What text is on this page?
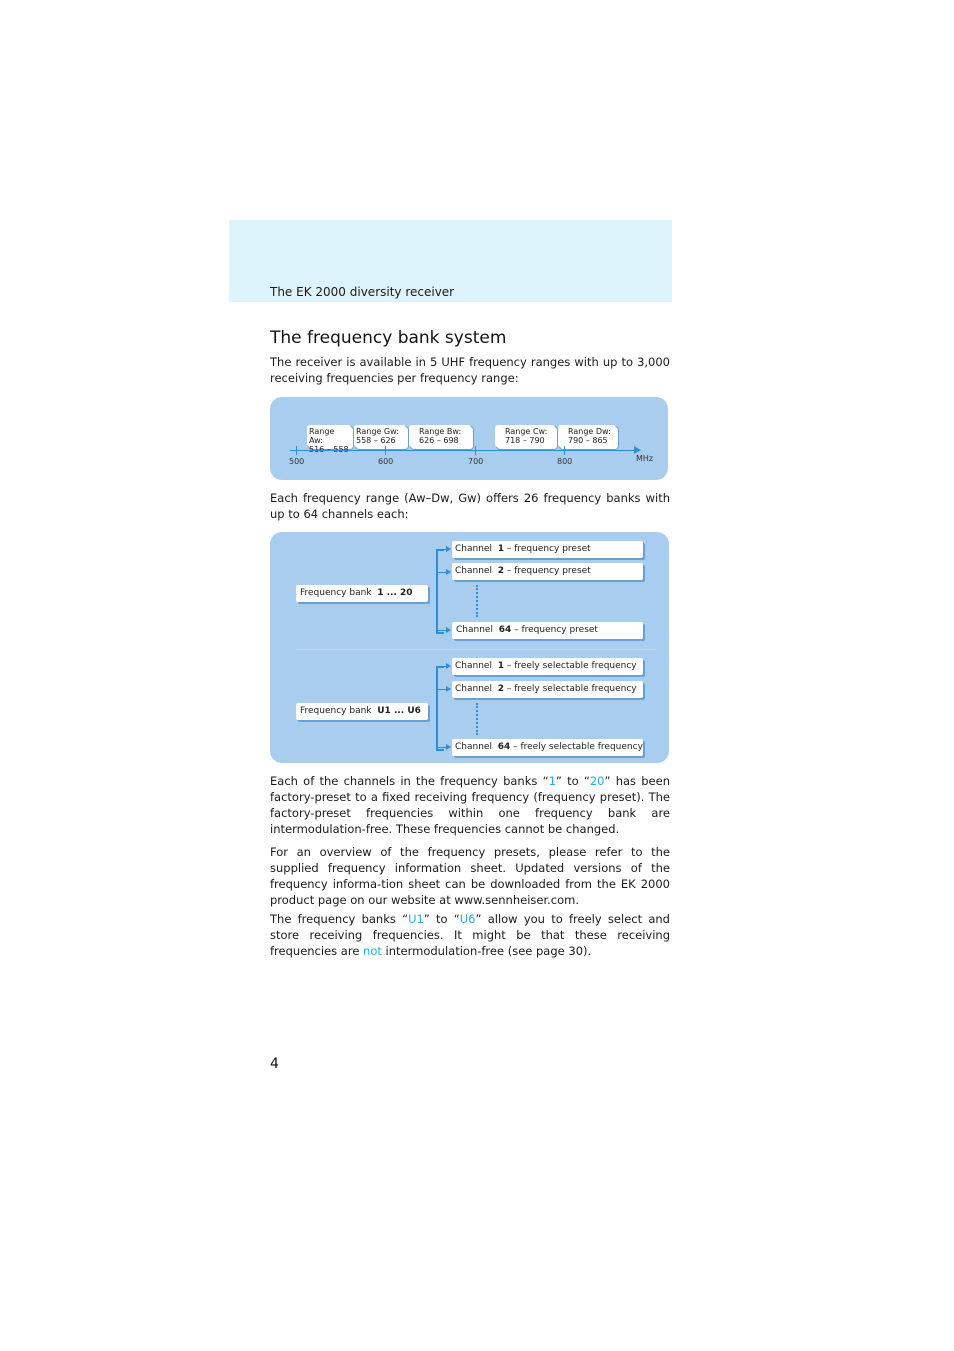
The EK 2000 diversity receiver
The frequency bank system

The receiver is available in 5 UHF frequency ranges with up to 3,000 receiving frequencies per frequency range:

Range Aw:
Range Gw:
558 – 626
Range Bw:
626 – 698
Range Cw:
718 – 790
Range Dw:
790 – 865
500	600	700	800	MHz

Each frequency range (Aw–Dw, Gw) offers 26 frequency banks with up to 64 channels each:

Frequency bank 1 ... 20
Channel 1 – frequency preset
Channel 2 – frequency preset
Channel 64 – frequency preset
Frequency bank U1 ... U6
Channel 1 – freely selectable frequency
Channel 2 – freely selectable frequency
Channel 64 – freely selectable frequency

Each of the channels in the frequency banks “1” to “20” has been factory-preset to a fixed receiving frequency (frequency preset). The factory-preset frequencies within one frequency bank are intermodulation-free. These frequencies cannot be changed.

For an overview of the frequency presets, please refer to the supplied frequency information sheet. Updated versions of the frequency informa-tion sheet can be downloaded from the EK 2000 product page on our website at www.sennheiser.com.

The frequency banks “U1” to “U6” allow you to freely select and store receiving frequencies. It might be that these receiving frequencies are not intermodulation-free (see page 30).

4
